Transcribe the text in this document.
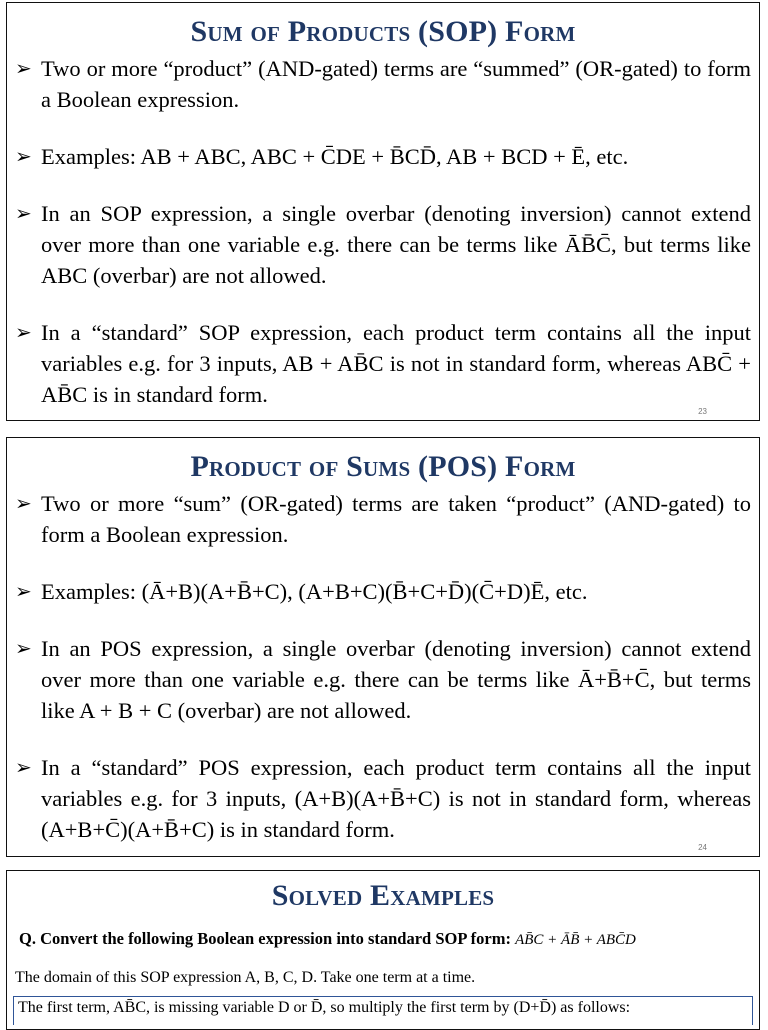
Sum of Products (SOP) Form
➢ Two or more “product” (AND-gated) terms are “summed” (OR-gated) to form a Boolean expression.
➢ Examples: AB + ABC, ABC + C̄DE + B̄CD̄, AB + BCD + Ē, etc.
➢ In an SOP expression, a single overbar (denoting inversion) cannot extend over more than one variable e.g. there can be terms like ĀB̄C̄, but terms like ABC (overbar) are not allowed.
➢ In a “standard” SOP expression, each product term contains all the input variables e.g. for 3 inputs, AB + AB̄C is not in standard form, whereas ABC̄ + AB̄C is in standard form.
23
Product of Sums (POS) Form
➢ Two or more “sum” (OR-gated) terms are taken “product” (AND-gated) to form a Boolean expression.
➢ Examples: (Ā+B)(A+B̄+C), (A+B+C)(B̄+C+D̄)(C̄+D)Ē, etc.
➢ In an POS expression, a single overbar (denoting inversion) cannot extend over more than one variable e.g. there can be terms like Ā+B̄+C̄, but terms like A + B + C (overbar) are not allowed.
➢ In a “standard” POS expression, each product term contains all the input variables e.g. for 3 inputs, (A+B)(A+B̄+C) is not in standard form, whereas (A+B+C̄)(A+B̄+C) is in standard form.
24
Solved Examples
Q. Convert the following Boolean expression into standard SOP form: AB̄C + ĀB̄ + ABC̄D
The domain of this SOP expression A, B, C, D. Take one term at a time.
The first term, AB̄C, is missing variable D or D̄, so multiply the first term by (D+D̄) as follows:
